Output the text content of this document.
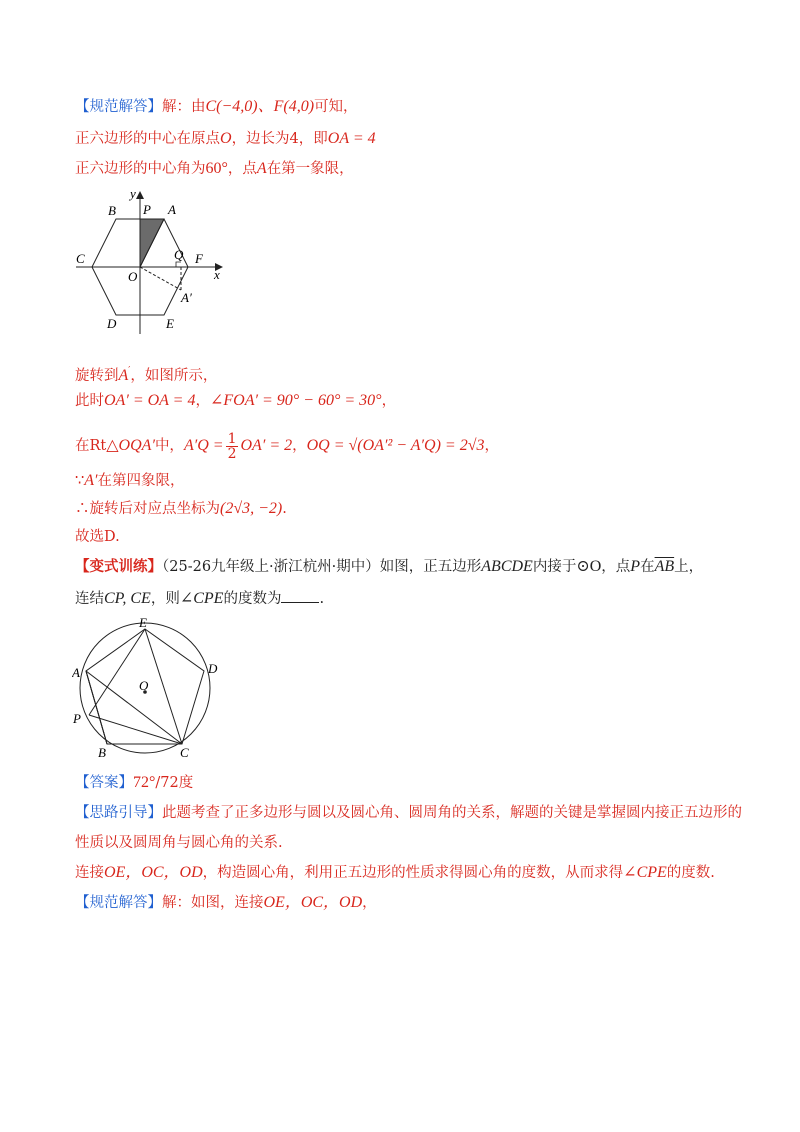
【规范解答】解：由C(−4,0)、F(4,0)可知，
正六边形的中心在原点O，边长为4，即OA = 4
正六边形的中心角为60°，点A在第一象限，
y
B P A
C
O
Q F
x
A′
D	E
旋转到A′，如图所示，
此时OA′ = OA = 4，∠FOA′ = 90° − 60° = 30°，
在Rt△OQA′中，$A'Q = \frac{1}{2} OA' = 2$，OQ = √(OA′² − A′Q) = 2√3，
∵A′在第四象限，
∴旋转后对应点坐标为(2√3, −2).
故选D.
【变式训练】（25-26九年级上·浙江杭州·期中）如图，正五边形ABCDE内接于⊙O，点P在$\overline{AB}$上，
连结CP, CE，则∠CPE的度数为	.
E
D
A
O
P
B	C
【答案】72°/72度
【思路引导】此题考查了正多边形与圆以及圆心角、圆周角的关系，解题的关键是掌握圆内接正五边形的
性质以及圆周角与圆心角的关系.
连接OE，OC，OD，构造圆心角，利用正五边形的性质求得圆心角的度数，从而求得∠CPE的度数.
【规范解答】解：如图，连接OE，OC，OD，
